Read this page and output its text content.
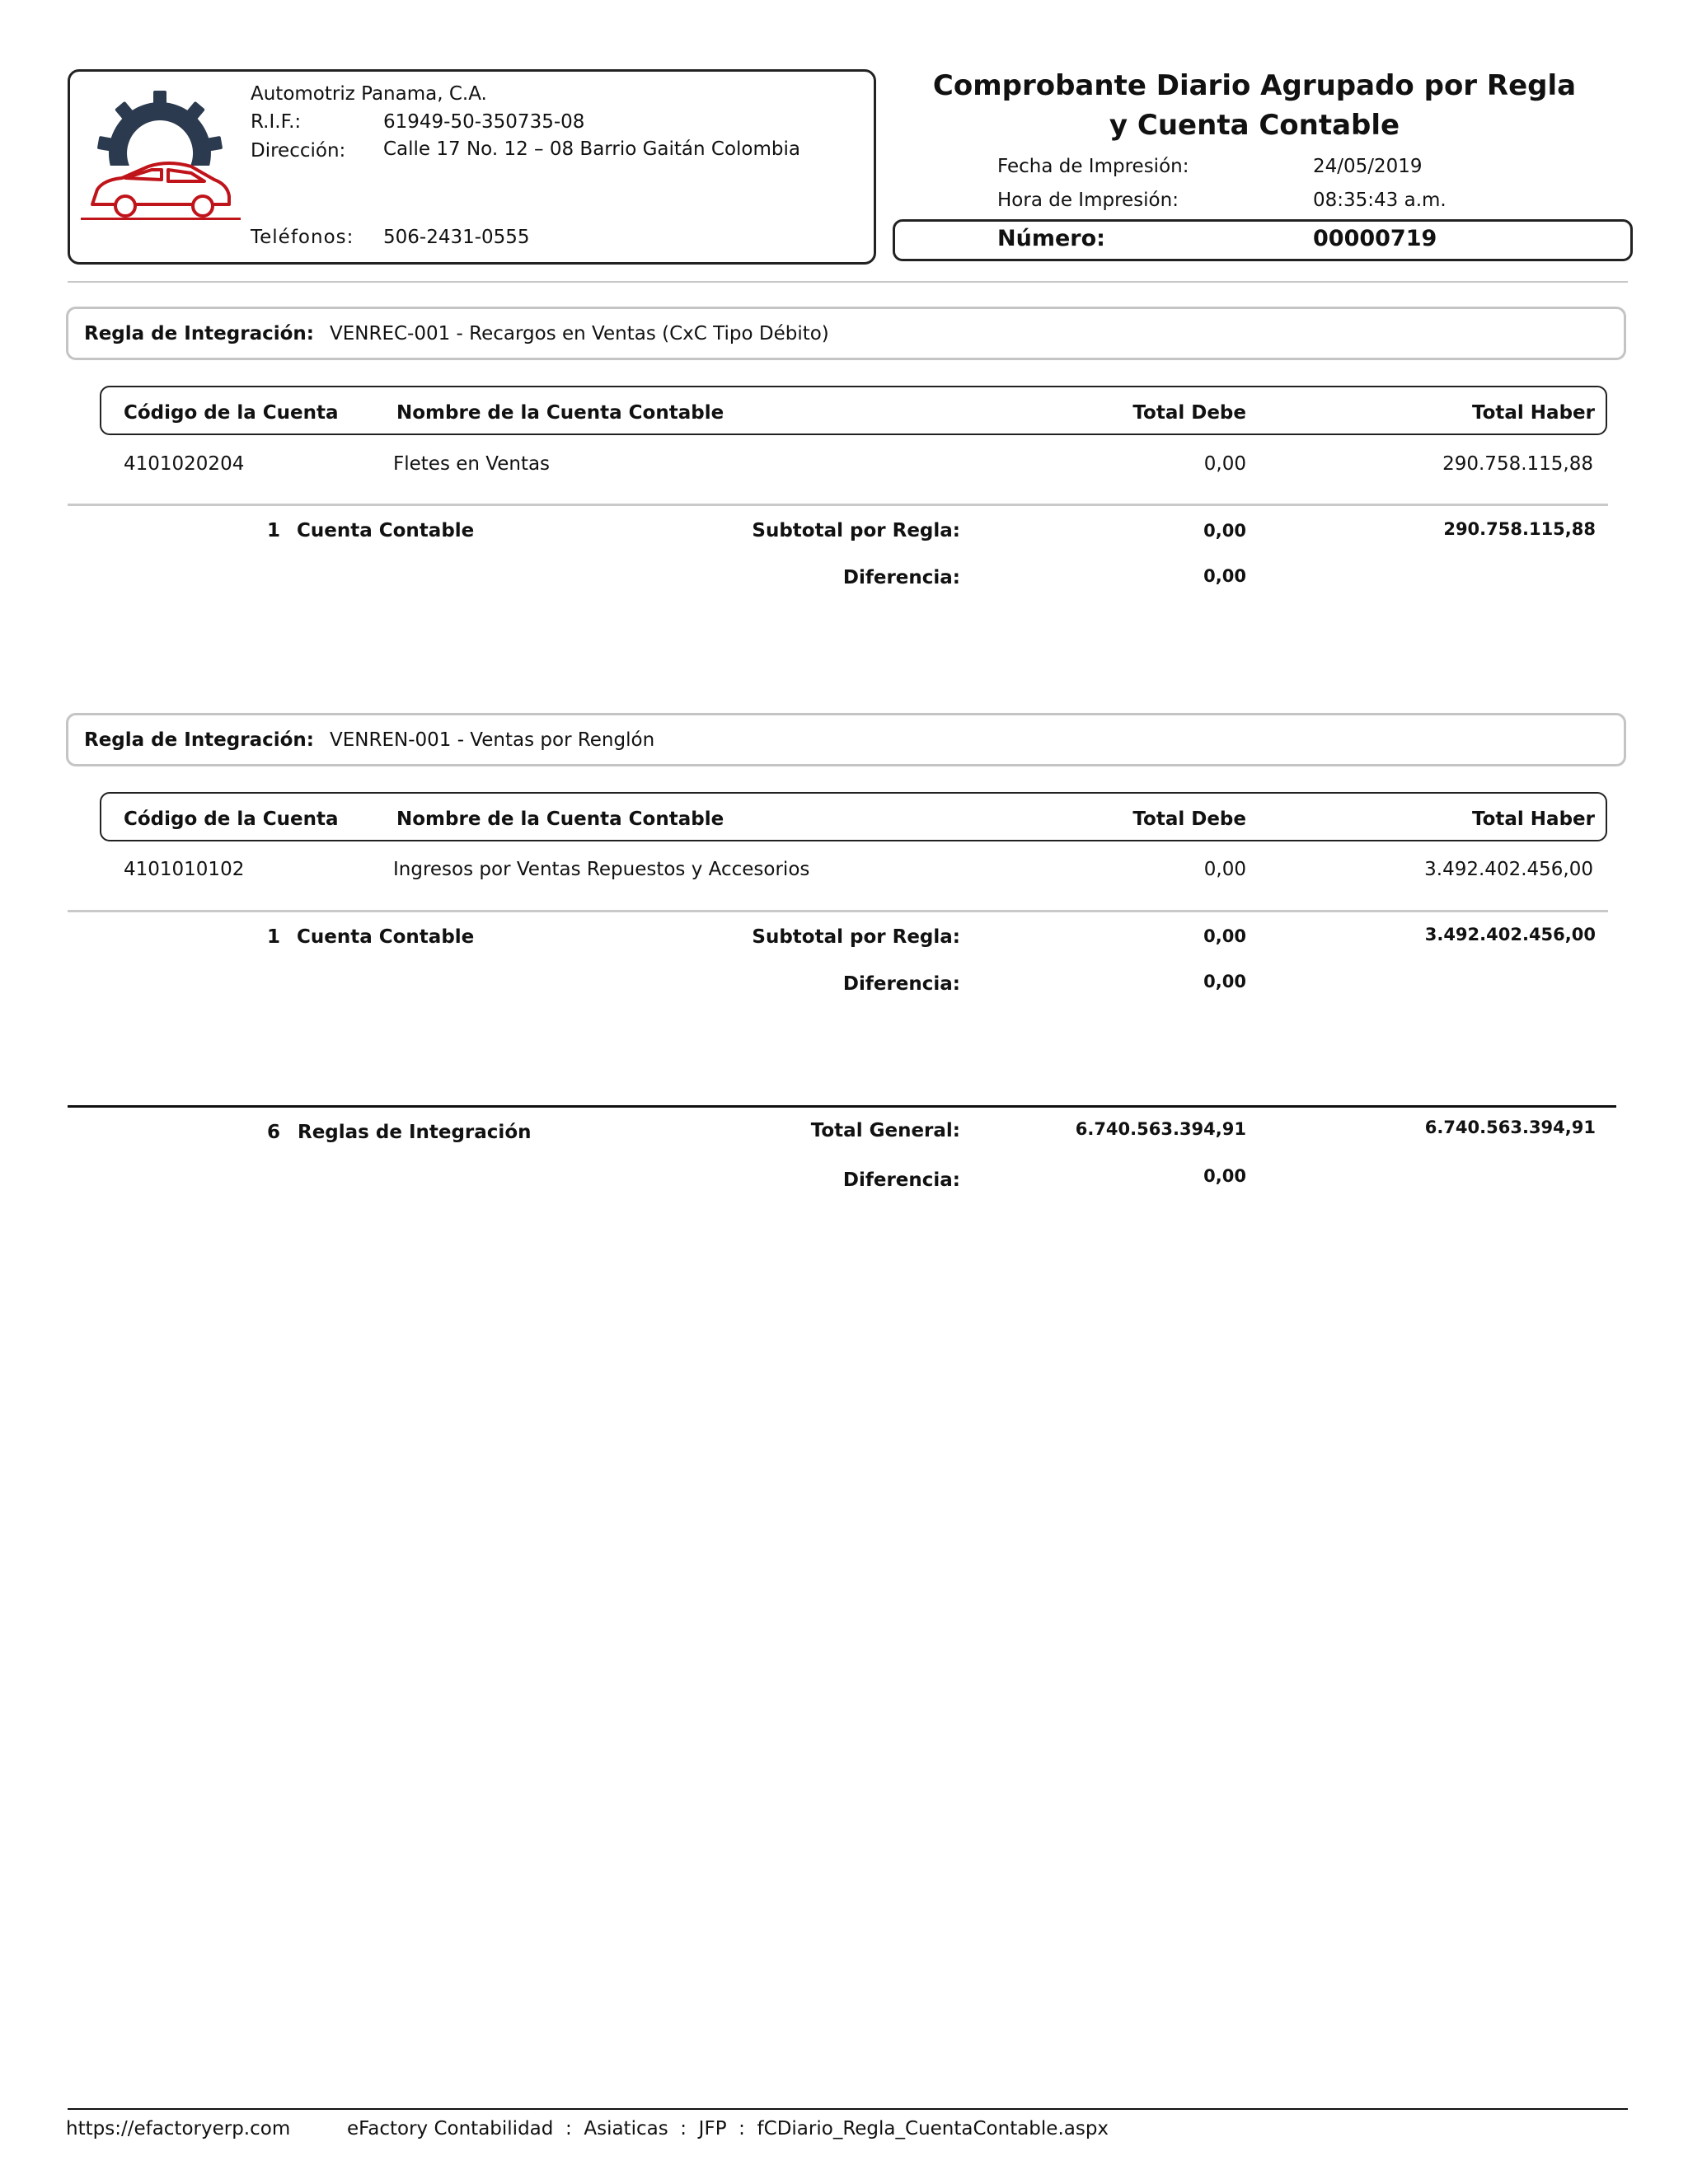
Automotriz Panama, C.A.
R.I.F.:	61949-50-350735-08
Dirección: Calle 17 No. 12 – 08 Barrio Gaitán Colombia
Teléfonos: 506-2431-0555
Comprobante Diario Agrupado por Regla
y Cuenta Contable
Fecha de Impresión:	24/05/2019
Hora de Impresión:	08:35:43 a.m.
Número:	00000719
Regla de Integración: VENREC-001 - Recargos en Ventas (CxC Tipo Débito)
Código de la Cuenta	Nombre de la Cuenta Contable	Total Debe	Total Haber
4101020204	Fletes en Ventas	0,00	290.758.115,88
1 Cuenta Contable	Subtotal por Regla:	0,00	290.758.115,88
Diferencia:	0,00
Regla de Integración: VENREN-001 - Ventas por Renglón
Código de la Cuenta	Nombre de la Cuenta Contable	Total Debe	Total Haber
4101010102	Ingresos por Ventas Repuestos y Accesorios	0,00	3.492.402.456,00
1 Cuenta Contable	Subtotal por Regla:	0,00	3.492.402.456,00
Diferencia:	0,00
6 Reglas de Integración	Total General:	6.740.563.394,91	6.740.563.394,91
Diferencia:	0,00
https://efactoryerp.com	eFactory Contabilidad  :  Asiaticas  :  JFP  :  fCDiario_Regla_CuentaContable.aspx
